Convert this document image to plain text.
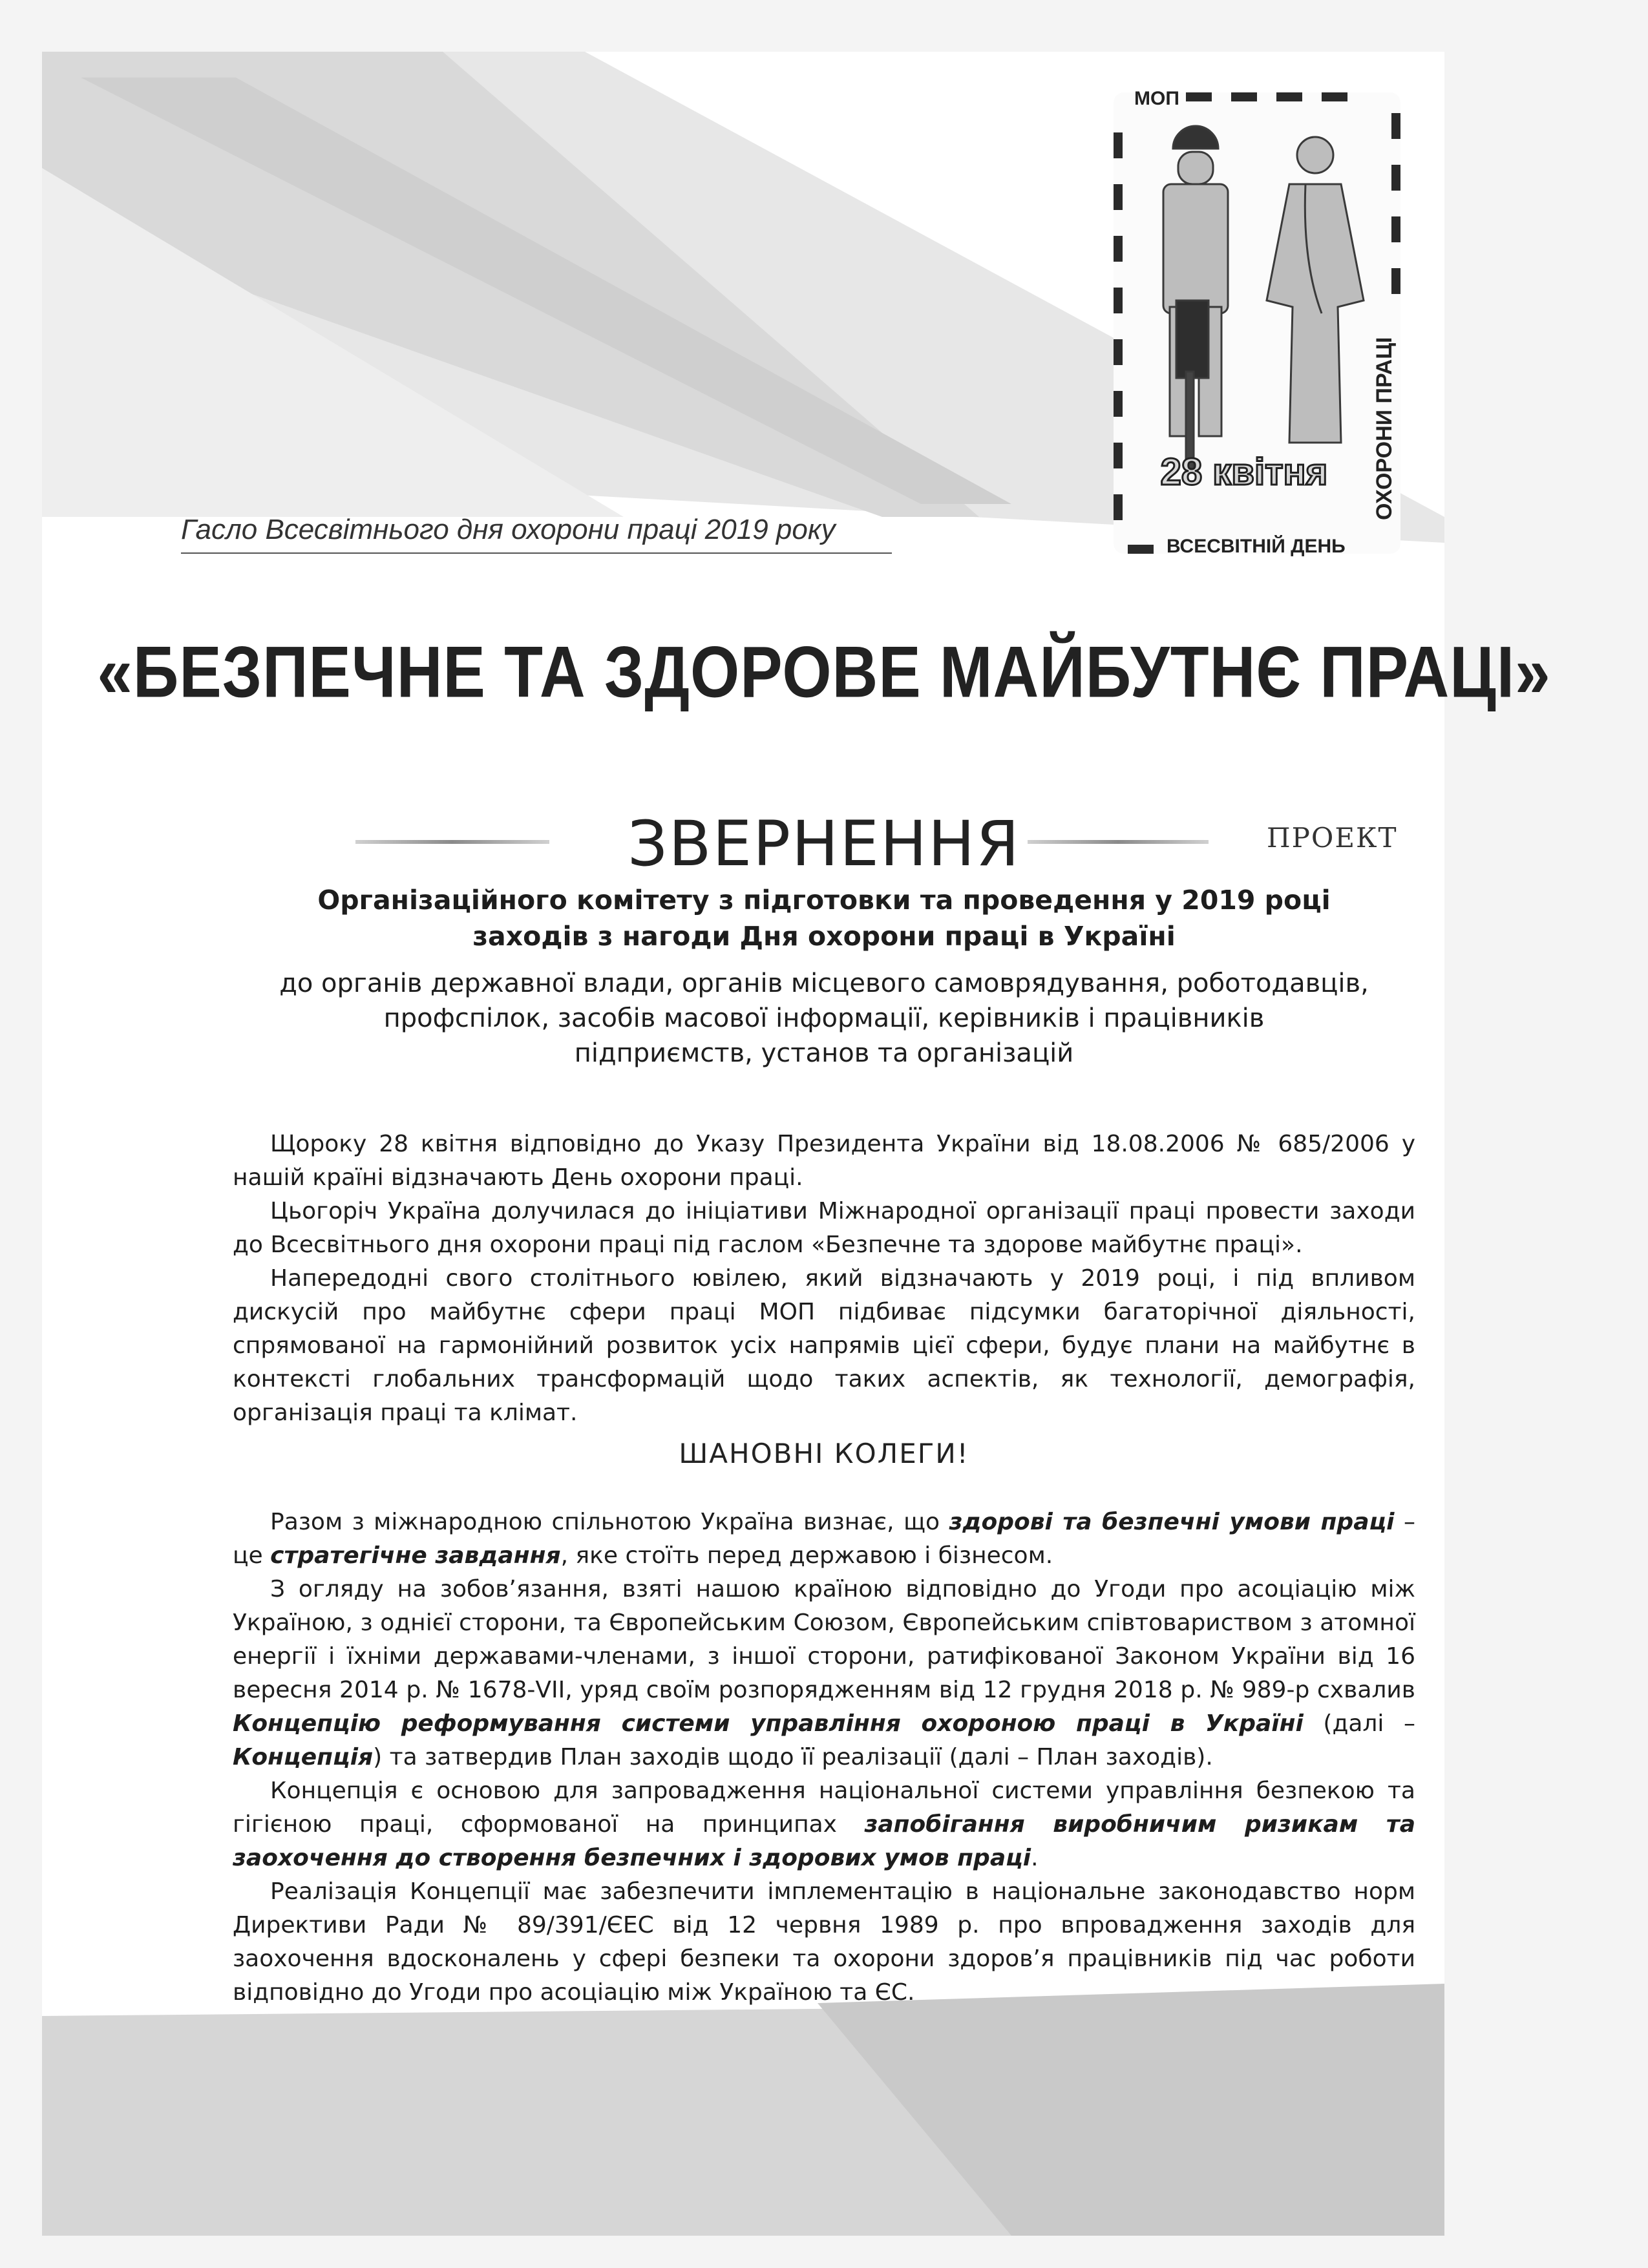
МОП
28 квітня ОХОРОНИ ПРАЦІ
ВСЕСВІТНІЙ ДЕНЬ
Гасло Всесвітнього дня охорони праці 2019 року
«БЕЗПЕЧНЕ ТА ЗДОРОВЕ МАЙБУТНЄ ПРАЦІ»
ЗВЕРНЕННЯ	ПРОЕКТ
Організаційного комітету з підготовки та проведення у 2019 році
заходів з нагоди Дня охорони праці в Україні
до органів державної влади, органів місцевого самоврядування, роботодавців,
профспілок, засобів масової інформації, керівників і працівників
підприємств, установ та організацій

Щороку 28 квітня відповідно до Указу Президента України від 18.08.2006 № 685/2006 у нашій країні відзначають День охорони праці.

Цьогоріч Україна долучилася до ініціативи Міжнародної організації праці провести заходи до Всесвітнього дня охорони праці під гаслом «Безпечне та здорове майбутнє праці».

Напередодні свого столітнього ювілею, який відзначають у 2019 році, і під впливом дискусій про майбутнє сфери праці МОП підбиває підсумки багаторічної діяльності, спрямованої на гармонійний розвиток усіх напрямів цієї сфери, будує плани на майбутнє в контексті глобальних трансформацій щодо таких аспектів, як технології, демографія, організація праці та клімат.

ШАНОВНІ КОЛЕГИ!

Разом з міжнародною спільнотою Україна визнає, що здорові та безпечні умови праці – це стратегічне завдання, яке стоїть перед державою і бізнесом.

З огляду на зобов’язання, взяті нашою країною відповідно до Угоди про асоціацію між Україною, з однієї сторони, та Європейським Союзом, Європейським співтовариством з атомної енергії і їхніми державами-членами, з іншої сторони, ратифікованої Законом України від 16 вересня 2014 р. № 1678-VII, уряд своїм розпорядженням від 12 грудня 2018 р. № 989-р схвалив Концепцію реформування системи управління охороною праці в Україні (далі – Концепція) та затвердив План заходів щодо її реалізації (далі – План заходів).

Концепція є основою для запровадження національної системи управління безпекою та гігієною праці, сформованої на принципах запобігання виробничим ризикам та заохочення до створення безпечних і здорових умов праці.

Реалізація Концепції має забезпечити імплементацію в національне законодавство норм Директиви Ради № 89/391/ЄЕС від 12 червня 1989 р. про впровадження заходів для заохочення вдосконалень у сфері безпеки та охорони здоров’я працівників під час роботи відповідно до Угоди про асоціацію між Україною та ЄС.
